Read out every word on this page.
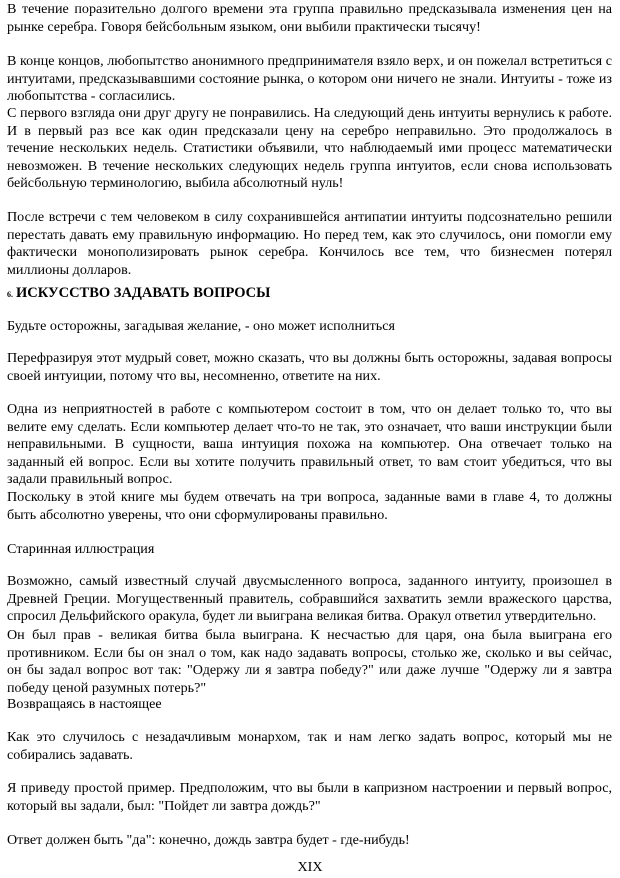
В течение поразительно долгого времени эта группа правильно предсказывала изменения цен на рынке серебра. Говоря бейсбольным языком, они выбили практически тысячу!

В конце концов, любопытство анонимного предпринимателя взяло верх, и он пожелал встретиться с интуитами, предсказывавшими состояние рынка, о котором они ничего не знали. Интуиты - тоже из любопытства - согласились.

С первого взгляда они друг другу не понравились. На следующий день интуиты вернулись к работе. И в первый раз все как один предсказали цену на серебро неправильно. Это продолжалось в течение нескольких недель. Статистики объявили, что наблюдаемый ими процесс математически невозможен. В течение нескольких следующих недель группа интуитов, если снова использовать бейсбольную терминологию, выбила абсолютный нуль!

После встречи с тем человеком в силу сохранившейся антипатии интуиты подсознательно решили перестать давать ему правильную информацию. Но перед тем, как это случилось, они помогли ему фактически монополизировать рынок серебра. Кончилось все тем, что бизнесмен потерял миллионы долларов.

6. ИСКУССТВО ЗАДАВАТЬ ВОПРОСЫ

Будьте осторожны, загадывая желание, - оно может исполниться

Перефразируя этот мудрый совет, можно сказать, что вы должны быть осторожны, задавая вопросы своей интуиции, потому что вы, несомненно, ответите на них.

Одна из неприятностей в работе с компьютером состоит в том, что он делает только то, что вы велите ему сделать. Если компьютер делает что-то не так, это означает, что ваши инструкции были неправильными. В сущности, ваша интуиция похожа на компьютер. Она отвечает только на заданный ей вопрос. Если вы хотите получить правильный ответ, то вам стоит убедиться, что вы задали правильный вопрос.

Поскольку в этой книге мы будем отвечать на три вопроса, заданные вами в главе 4, то должны быть абсолютно уверены, что они сформулированы правильно.

Старинная иллюстрация

Возможно, самый известный случай двусмысленного вопроса, заданного интуиту, произошел в Древней Греции. Могущественный правитель, собравшийся захватить земли вражеского царства, спросил Дельфийского оракула, будет ли выиграна великая битва. Оракул ответил утвердительно.

Он был прав - великая битва была выиграна. К несчастью для царя, она была выиграна его противником. Если бы он знал о том, как надо задавать вопросы, столько же, сколько и вы сейчас, он бы задал вопрос вот так: "Одержу ли я завтра победу?" или даже лучше "Одержу ли я завтра победу ценой разумных потерь?"

Возвращаясь в настоящее

Как это случилось с незадачливым монархом, так и нам легко задать вопрос, который мы не собирались задавать.

Я приведу простой пример. Предположим, что вы были в капризном настроении и первый вопрос, который вы задали, был: "Пойдет ли завтра дождь?"

Ответ должен быть "да": конечно, дождь завтра будет - где-нибудь!

XIX
